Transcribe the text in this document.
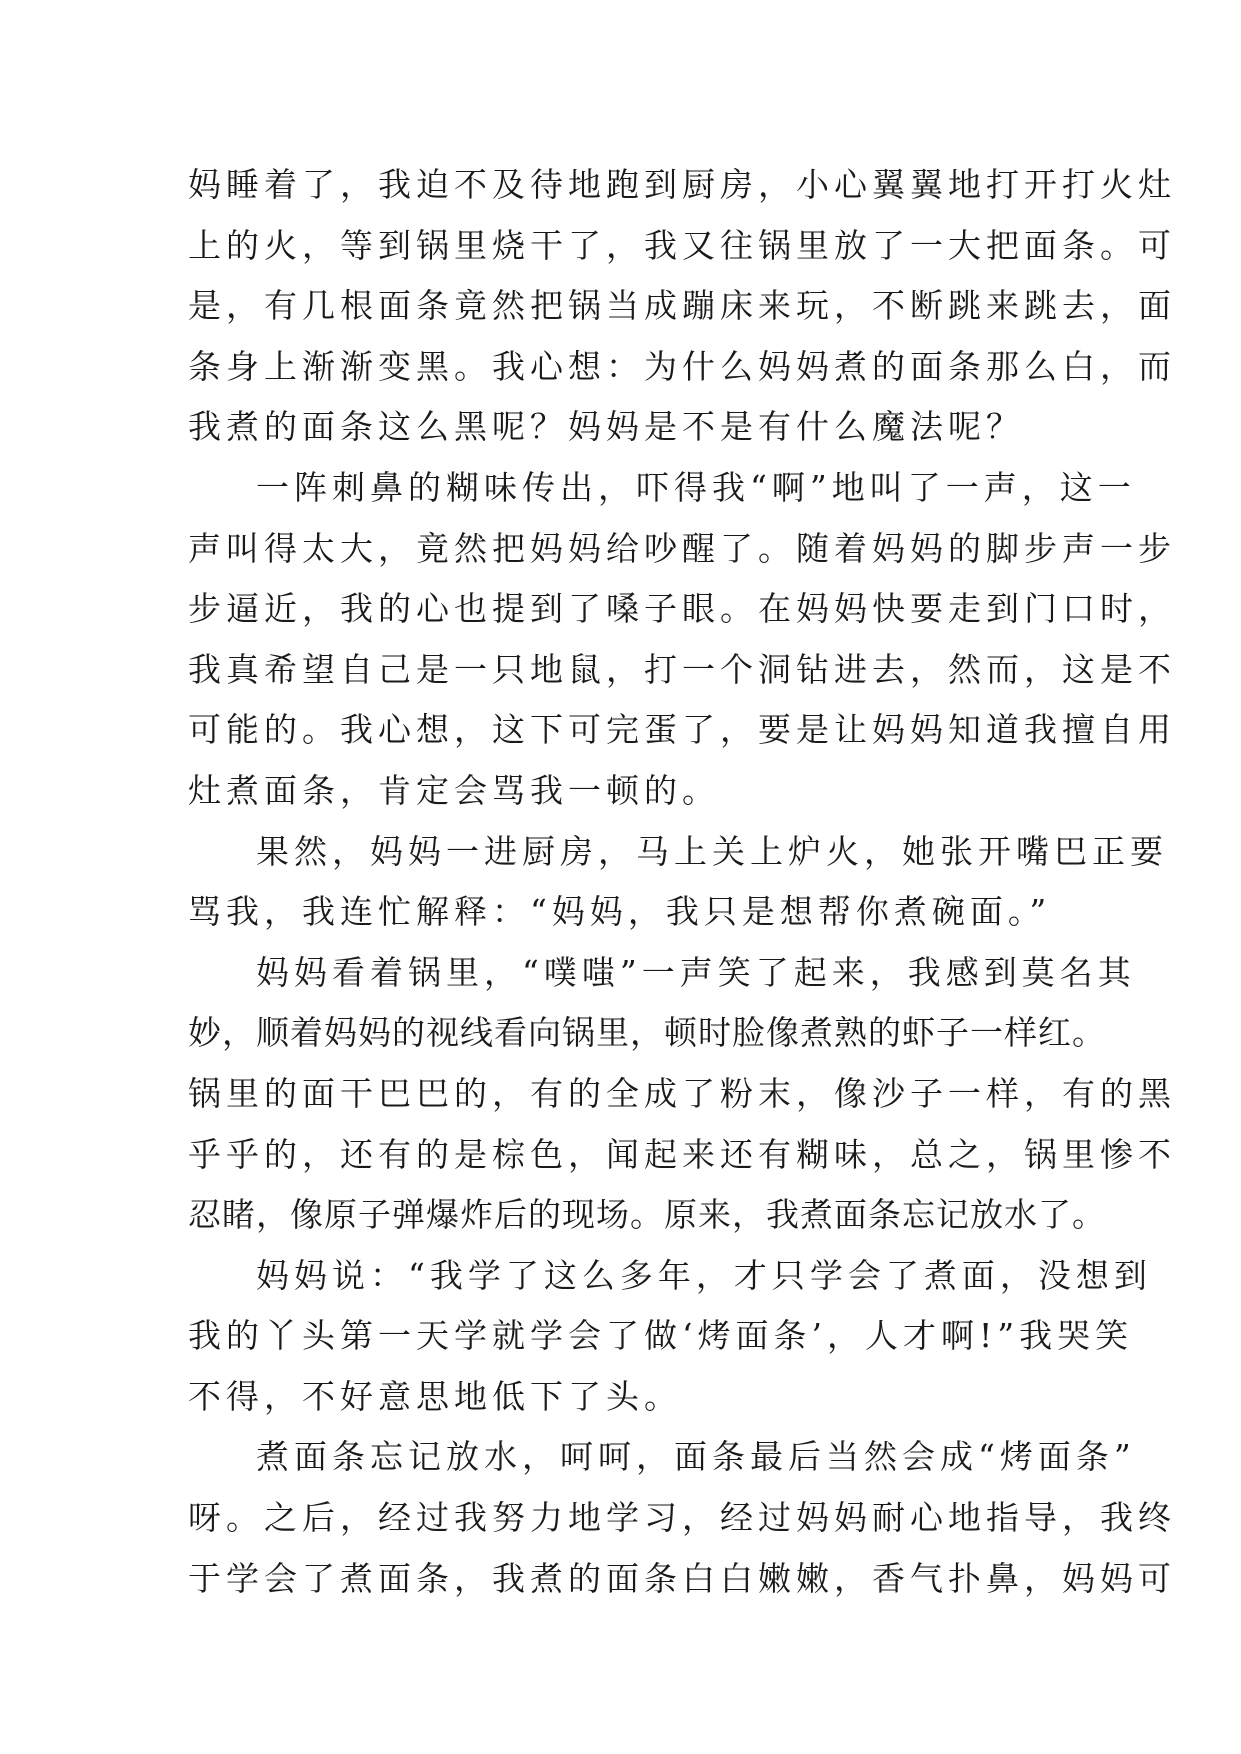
妈睡着了，我迫不及待地跑到厨房，小心翼翼地打开打火灶
上的火，等到锅里烧干了，我又往锅里放了一大把面条。可
是，有几根面条竟然把锅当成蹦床来玩，不断跳来跳去，面
条身上渐渐变黑。我心想：为什么妈妈煮的面条那么白，而
我煮的面条这么黑呢？妈妈是不是有什么魔法呢？
一阵刺鼻的糊味传出，吓得我“啊”地叫了一声，这一
声叫得太大，竟然把妈妈给吵醒了。随着妈妈的脚步声一步
步逼近，我的心也提到了嗓子眼。在妈妈快要走到门口时，
我真希望自己是一只地鼠，打一个洞钻进去，然而，这是不
可能的。我心想，这下可完蛋了，要是让妈妈知道我擅自用
灶煮面条，肯定会骂我一顿的。
果然，妈妈一进厨房，马上关上炉火，她张开嘴巴正要
骂我，我连忙解释：“妈妈，我只是想帮你煮碗面。”
妈妈看着锅里，“噗嗤”一声笑了起来，我感到莫名其
妙，顺着妈妈的视线看向锅里，顿时脸像煮熟的虾子一样红。
锅里的面干巴巴的，有的全成了粉末，像沙子一样，有的黑
乎乎的，还有的是棕色，闻起来还有糊味，总之，锅里惨不
忍睹，像原子弹爆炸后的现场。原来，我煮面条忘记放水了。
妈妈说：“我学了这么多年，才只学会了煮面，没想到
我的丫头第一天学就学会了做‘烤面条’，人才啊!”我哭笑
不得，不好意思地低下了头。
煮面条忘记放水，呵呵，面条最后当然会成“烤面条”
呀。之后，经过我努力地学习，经过妈妈耐心地指导，我终
于学会了煮面条，我煮的面条白白嫩嫩，香气扑鼻，妈妈可
